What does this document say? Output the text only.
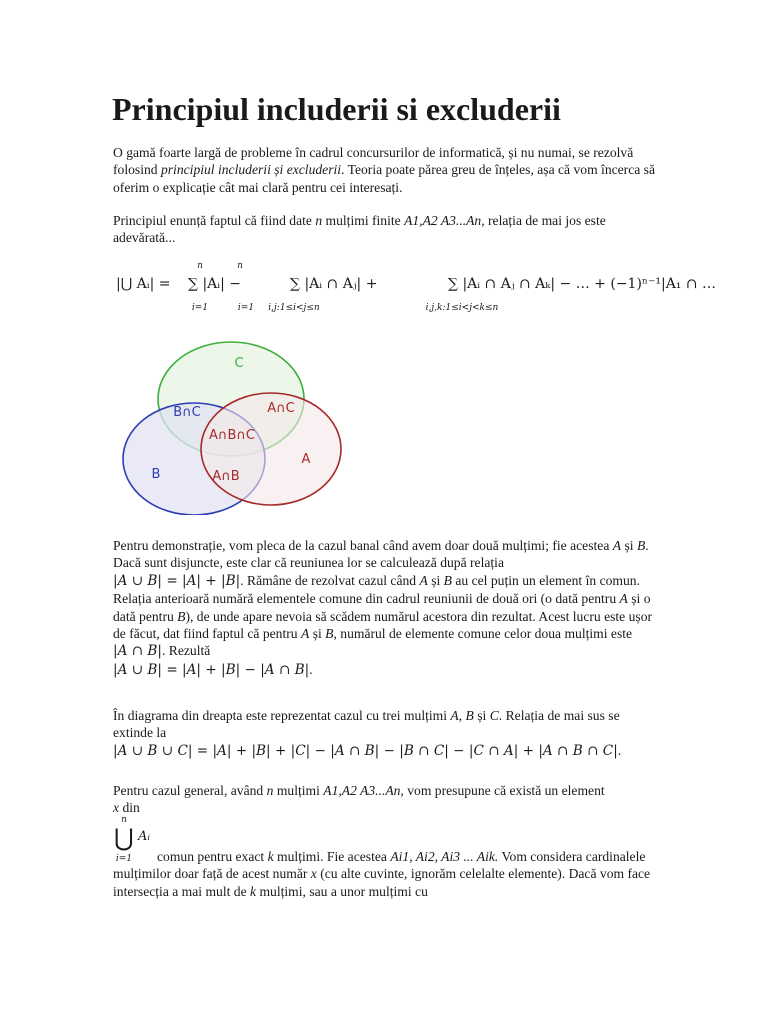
Principiul includerii si excluderii

O gamă foarte largă de probleme în cadrul concursurilor de informatică, și nu numai, se rezolvă folosind principiul includerii și excluderii. Teoria poate părea greu de înțeles, așa că vom încerca să oferim o explicație cât mai clară pentru cei interesați.

Principiul enunță faptul că fiind date n mulțimi finite A1,A2 A3...An, relația de mai jos este adevărată...

n
|⋃ Aᵢ| =
i=1
n
∑ |Aᵢ| −
i=1
∑ |Aᵢ ∩ Aⱼ| +
i,j:1≤i<j≤n
∑ |Aᵢ ∩ Aⱼ ∩ Aₖ| − … + (−1)ⁿ⁻¹|A₁ ∩ …
i,j,k:1≤i<j<k≤n
C
B∩C	A∩C
A∩B∩C
A
B	A∩B

Pentru demonstrație, vom pleca de la cazul banal când avem doar două mulțimi; fie acestea A și B. Dacă sunt disjuncte, este clar că reuniunea lor se calculează după relația
|A ∪ B| = |A| + |B|. Rămâne de rezolvat cazul când A și B au cel puțin un element în comun. Relația anterioară numără elementele comune din cadrul reuniunii de două ori (o dată pentru A și o dată pentru B), de unde apare nevoia să scădem numărul acestora din rezultat. Acest lucru este ușor de făcut, dat fiind faptul că pentru A și B, numărul de elemente comune celor doua mulțimi este |A ∩ B|. Rezultă
|A ∪ B| = |A| + |B| − |A ∩ B|.

În diagrama din dreapta este reprezentat cazul cu trei mulțimi A, B și C. Relația de mai sus se extinde la
|A ∪ B ∪ C| = |A| + |B| + |C| − |A ∩ B| − |B ∩ C| − |C ∩ A| + |A ∩ B ∩ C|.

Pentru cazul general, având n mulțimi A1,A2 A3...An, vom presupune că există un element
x din

n
⋃ Aᵢ
i=1	comun pentru exact k mulțimi. Fie acestea Ai1, Ai2, Ai3 ... Aik. Vom considera cardinalele mulțimilor doar față de acest număr x (cu alte cuvinte, ignorăm celelalte elemente). Dacă vom face intersecția a mai mult de k mulțimi, sau a unor mulțimi cu
